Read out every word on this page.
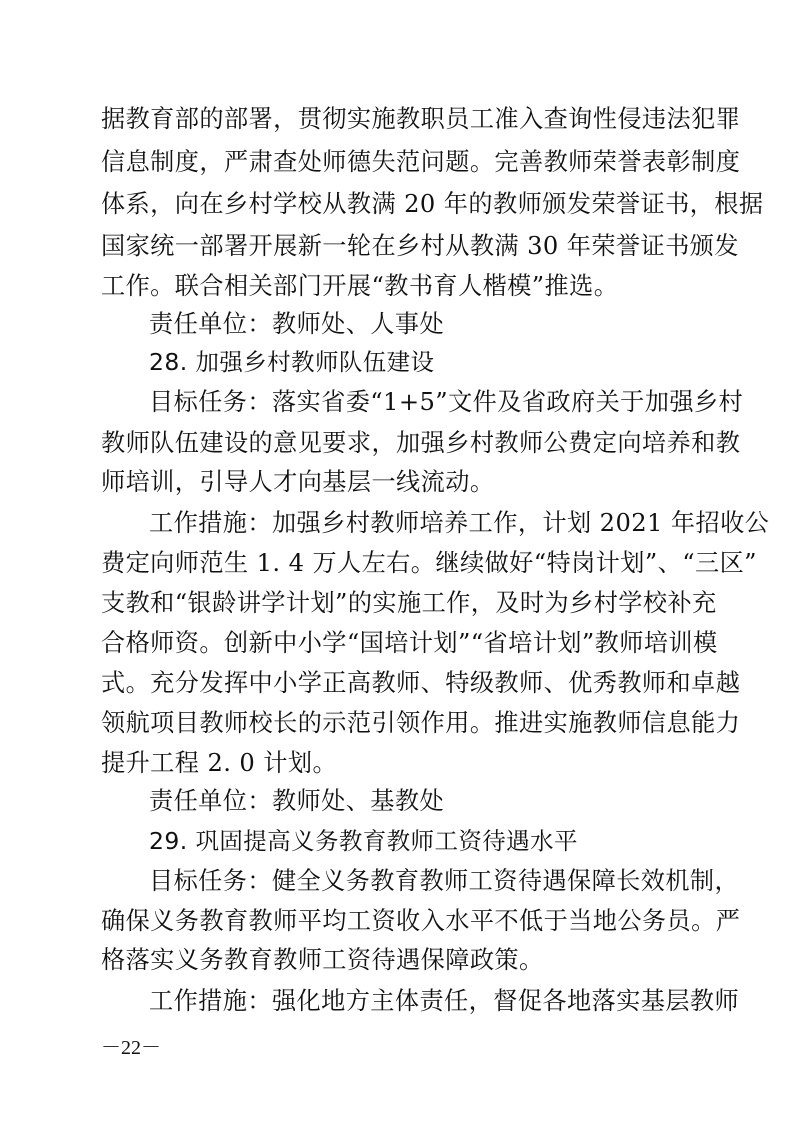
据教育部的部署，贯彻实施教职员工准入查询性侵违法犯罪
信息制度，严肃查处师德失范问题。完善教师荣誉表彰制度
体系，向在乡村学校从教满 20 年的教师颁发荣誉证书，根据
国家统一部署开展新一轮在乡村从教满 30 年荣誉证书颁发
工作。联合相关部门开展“教书育人楷模”推选。
责任单位：教师处、人事处
28. 加强乡村教师队伍建设
目标任务：落实省委“1+5”文件及省政府关于加强乡村
教师队伍建设的意见要求，加强乡村教师公费定向培养和教
师培训，引导人才向基层一线流动。
工作措施：加强乡村教师培养工作，计划 2021 年招收公
费定向师范生 1. 4 万人左右。继续做好“特岗计划”、“三区”
支教和“银龄讲学计划”的实施工作，及时为乡村学校补充
合格师资。创新中小学“国培计划”“省培计划”教师培训模
式。充分发挥中小学正高教师、特级教师、优秀教师和卓越
领航项目教师校长的示范引领作用。推进实施教师信息能力
提升工程 2. 0 计划。
责任单位：教师处、基教处
29. 巩固提高义务教育教师工资待遇水平
目标任务：健全义务教育教师工资待遇保障长效机制，
确保义务教育教师平均工资收入水平不低于当地公务员。严
格落实义务教育教师工资待遇保障政策。
工作措施：强化地方主体责任，督促各地落实基层教师
－22－
